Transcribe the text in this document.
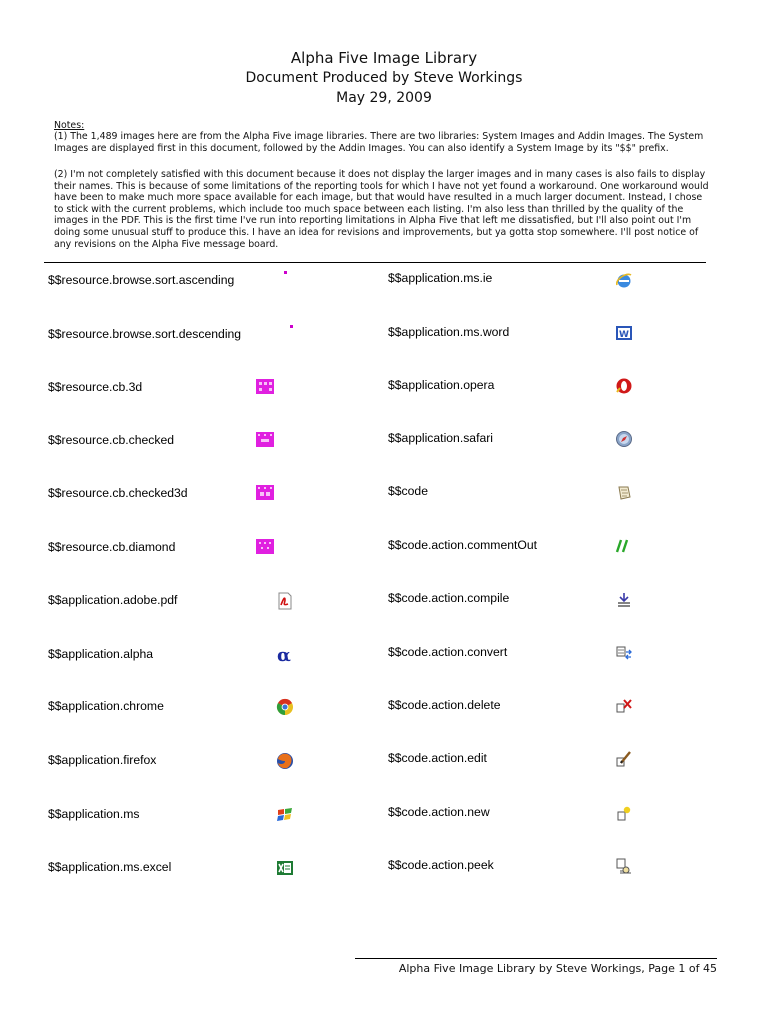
Alpha Five Image Library
Document Produced by Steve Workings
May 29, 2009
Notes:
(1) The 1,489 images here are from the Alpha Five image libraries. There are two libraries: System Images and Addin Images. The System Images are displayed first in this document, followed by the Addin Images. You can also identify a System Image by its "$$" prefix.
(2) I'm not completely satisfied with this document because it does not display the larger images and in many cases is also fails to display their names. This is because of some limitations of the reporting tools for which I have not yet found a workaround. One workaround would have been to make much more space available for each image, but that would have resulted in a much larger document. Instead, I chose to stick with the current problems, which include too much space between each listing. I'm also less than thrilled by the quality of the images in the PDF. This is the first time I've run into reporting limitations in Alpha Five that left me dissatisfied, but I'll also point out I'm doing some unusual stuff to produce this. I have an idea for revisions and improvements, but ya gotta stop somewhere. I'll post notice of any revisions on the Alpha Five message board.
$$resource.browse.sort.ascending
$$resource.browse.sort.descending
$$resource.cb.3d
$$resource.cb.checked
$$resource.cb.checked3d
$$resource.cb.diamond
$$application.adobe.pdf
$$application.alpha
$$application.chrome
$$application.firefox
$$application.ms
$$application.ms.excel
α
$$application.ms.ie
$$application.ms.word
$$application.opera
$$application.safari
$$code
$$code.action.commentOut
$$code.action.compile
$$code.action.convert
$$code.action.delete
$$code.action.edit
$$code.action.new
$$code.action.peek
W
Alpha Five Image Library by Steve Workings, Page 1 of 45
